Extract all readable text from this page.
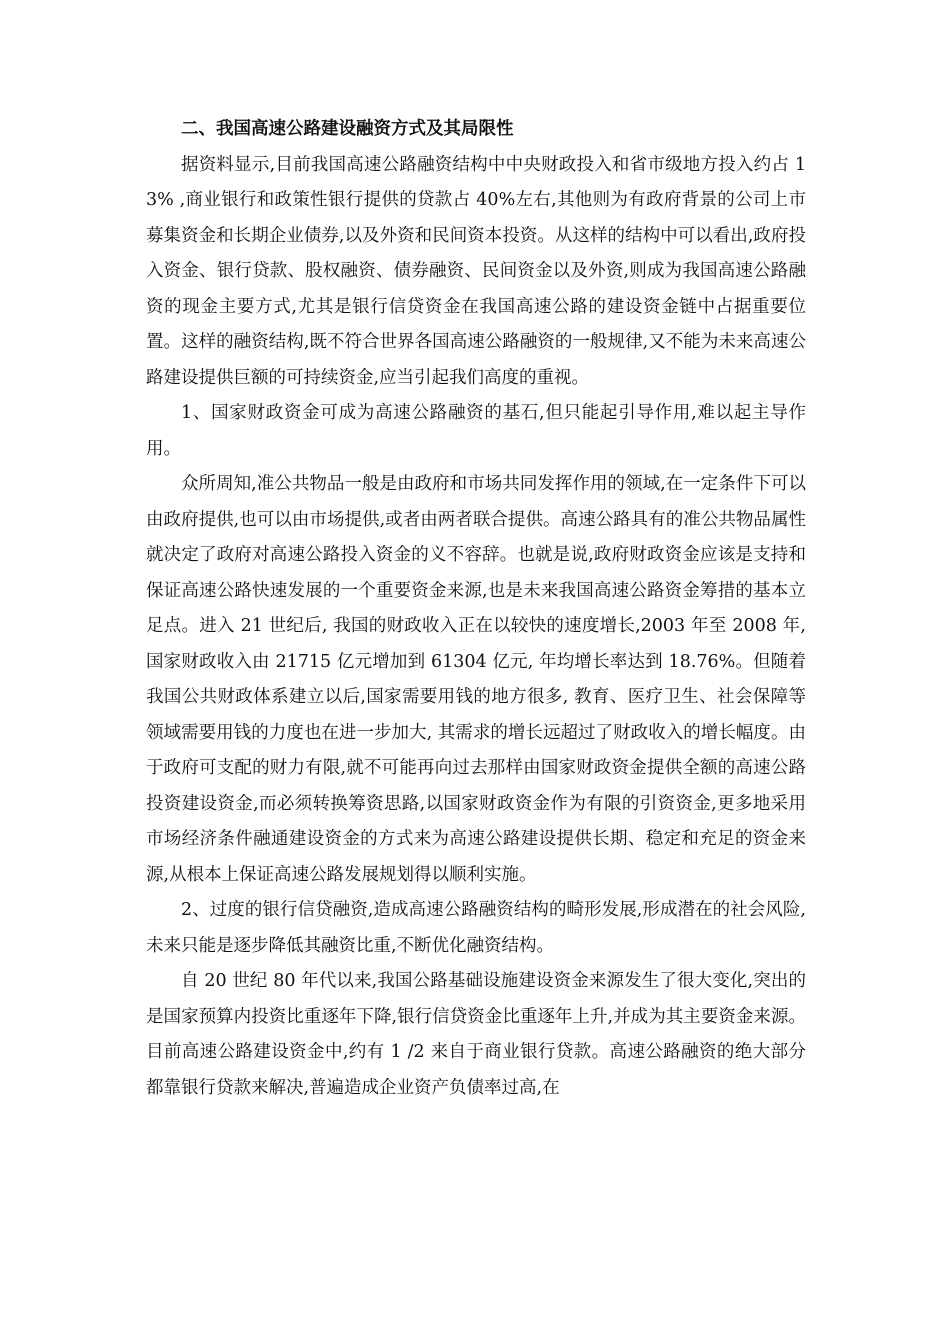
二、我国高速公路建设融资方式及其局限性

据资料显示,目前我国高速公路融资结构中中央财政投入和省市级地方投入约占 13% ,商业银行和政策性银行提供的贷款占 40%左右,其他则为有政府背景的公司上市募集资金和长期企业债券,以及外资和民间资本投资。从这样的结构中可以看出,政府投入资金、银行贷款、股权融资、债券融资、民间资金以及外资,则成为我国高速公路融资的现金主要方式,尤其是银行信贷资金在我国高速公路的建设资金链中占据重要位置。这样的融资结构,既不符合世界各国高速公路融资的一般规律,又不能为未来高速公路建设提供巨额的可持续资金,应当引起我们高度的重视。

1、国家财政资金可成为高速公路融资的基石,但只能起引导作用,难以起主导作用。

众所周知,准公共物品一般是由政府和市场共同发挥作用的领域,在一定条件下可以由政府提供,也可以由市场提供,或者由两者联合提供。高速公路具有的准公共物品属性就决定了政府对高速公路投入资金的义不容辞。也就是说,政府财政资金应该是支持和保证高速公路快速发展的一个重要资金来源,也是未来我国高速公路资金筹措的基本立足点。进入 21 世纪后, 我国的财政收入正在以较快的速度增长,2003 年至 2008 年, 国家财政收入由 21715 亿元增加到 61304 亿元, 年均增长率达到 18.76%。但随着我国公共财政体系建立以后,国家需要用钱的地方很多, 教育、医疗卫生、社会保障等领域需要用钱的力度也在进一步加大, 其需求的增长远超过了财政收入的增长幅度。由于政府可支配的财力有限,就不可能再向过去那样由国家财政资金提供全额的高速公路投资建设资金,而必须转换筹资思路,以国家财政资金作为有限的引资资金,更多地采用市场经济条件融通建设资金的方式来为高速公路建设提供长期、稳定和充足的资金来源,从根本上保证高速公路发展规划得以顺利实施。

2、过度的银行信贷融资,造成高速公路融资结构的畸形发展,形成潜在的社会风险,未来只能是逐步降低其融资比重,不断优化融资结构。

自 20 世纪 80 年代以来,我国公路基础设施建设资金来源发生了很大变化,突出的是国家预算内投资比重逐年下降,银行信贷资金比重逐年上升,并成为其主要资金来源。目前高速公路建设资金中,约有 1 /2 来自于商业银行贷款。高速公路融资的绝大部分都靠银行贷款来解决,普遍造成企业资产负债率过高,在
